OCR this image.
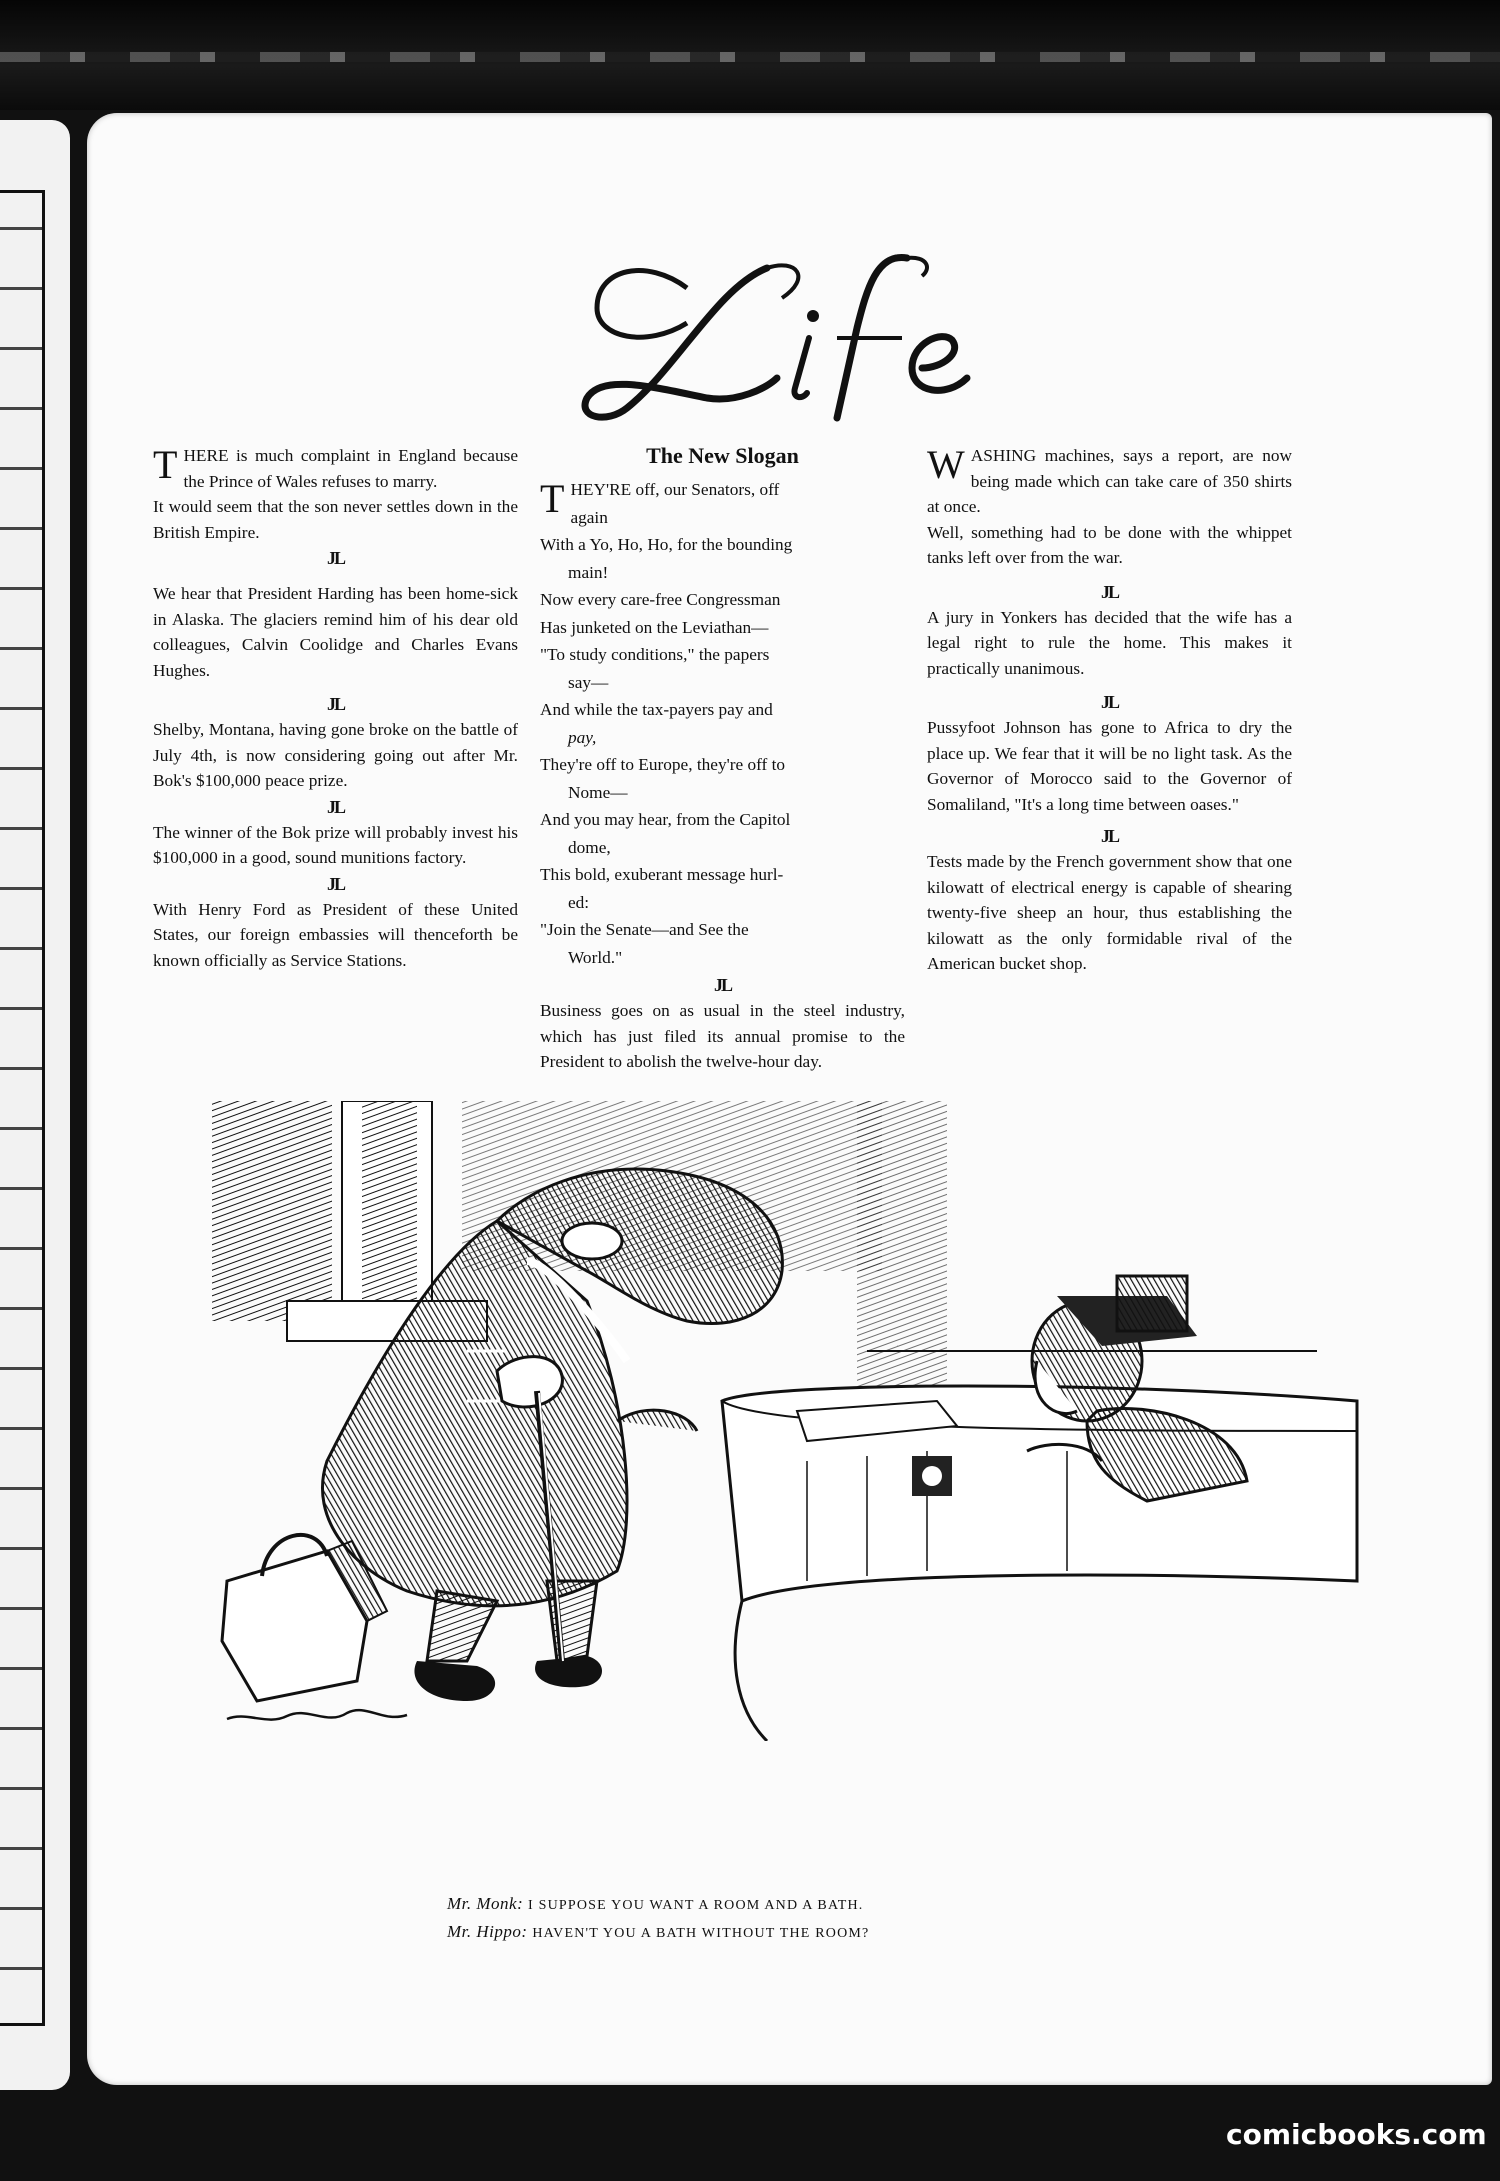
THERE is much complaint in England because the Prince of Wales refuses to marry.

It would seem that the son never settles down in the British Empire.

JL

We hear that President Harding has been home-sick in Alaska. The glaciers remind him of his dear old colleagues, Calvin Coolidge and Charles Evans Hughes.

JL

Shelby, Montana, having gone broke on the battle of July 4th, is now considering going out after Mr. Bok's $100,000 peace prize.

JL

The winner of the Bok prize will probably invest his $100,000 in a good, sound munitions factory.

JL

With Henry Ford as President of these United States, our foreign embassies will thenceforth be known officially as Service Stations.

The New Slogan

THEY'RE off, our Senators, off

again

With a Yo, Ho, Ho, for the bounding

main!

Now every care-free Congressman

Has junketed on the Leviathan—

"To study conditions," the papers

say—

And while the tax-payers pay and

pay,

They're off to Europe, they're off to

Nome—

And you may hear, from the Capitol

dome,

This bold, exuberant message hurl-

ed:

"Join the Senate—and See the

World."

JL

Business goes on as usual in the steel industry, which has just filed its annual promise to the President to abolish the twelve-hour day.

WASHING machines, says a report, are now being made which can take care of 350 shirts at once.

Well, something had to be done with the whippet tanks left over from the war.

JL

A jury in Yonkers has decided that the wife has a legal right to rule the home. This makes it practically unanimous.

JL

Pussyfoot Johnson has gone to Africa to dry the place up. We fear that it will be no light task. As the Governor of Morocco said to the Governor of Somaliland, "It's a long time between oases."

JL

Tests made by the French government show that one kilowatt of electrical energy is capable of shearing twenty-five sheep an hour, thus establishing the kilowatt as the only formidable rival of the American bucket shop.

Mr. Monk: I SUPPOSE YOU WANT A ROOM AND A BATH.
Mr. Hippo: HAVEN'T YOU A BATH WITHOUT THE ROOM?
comicbooks.com
